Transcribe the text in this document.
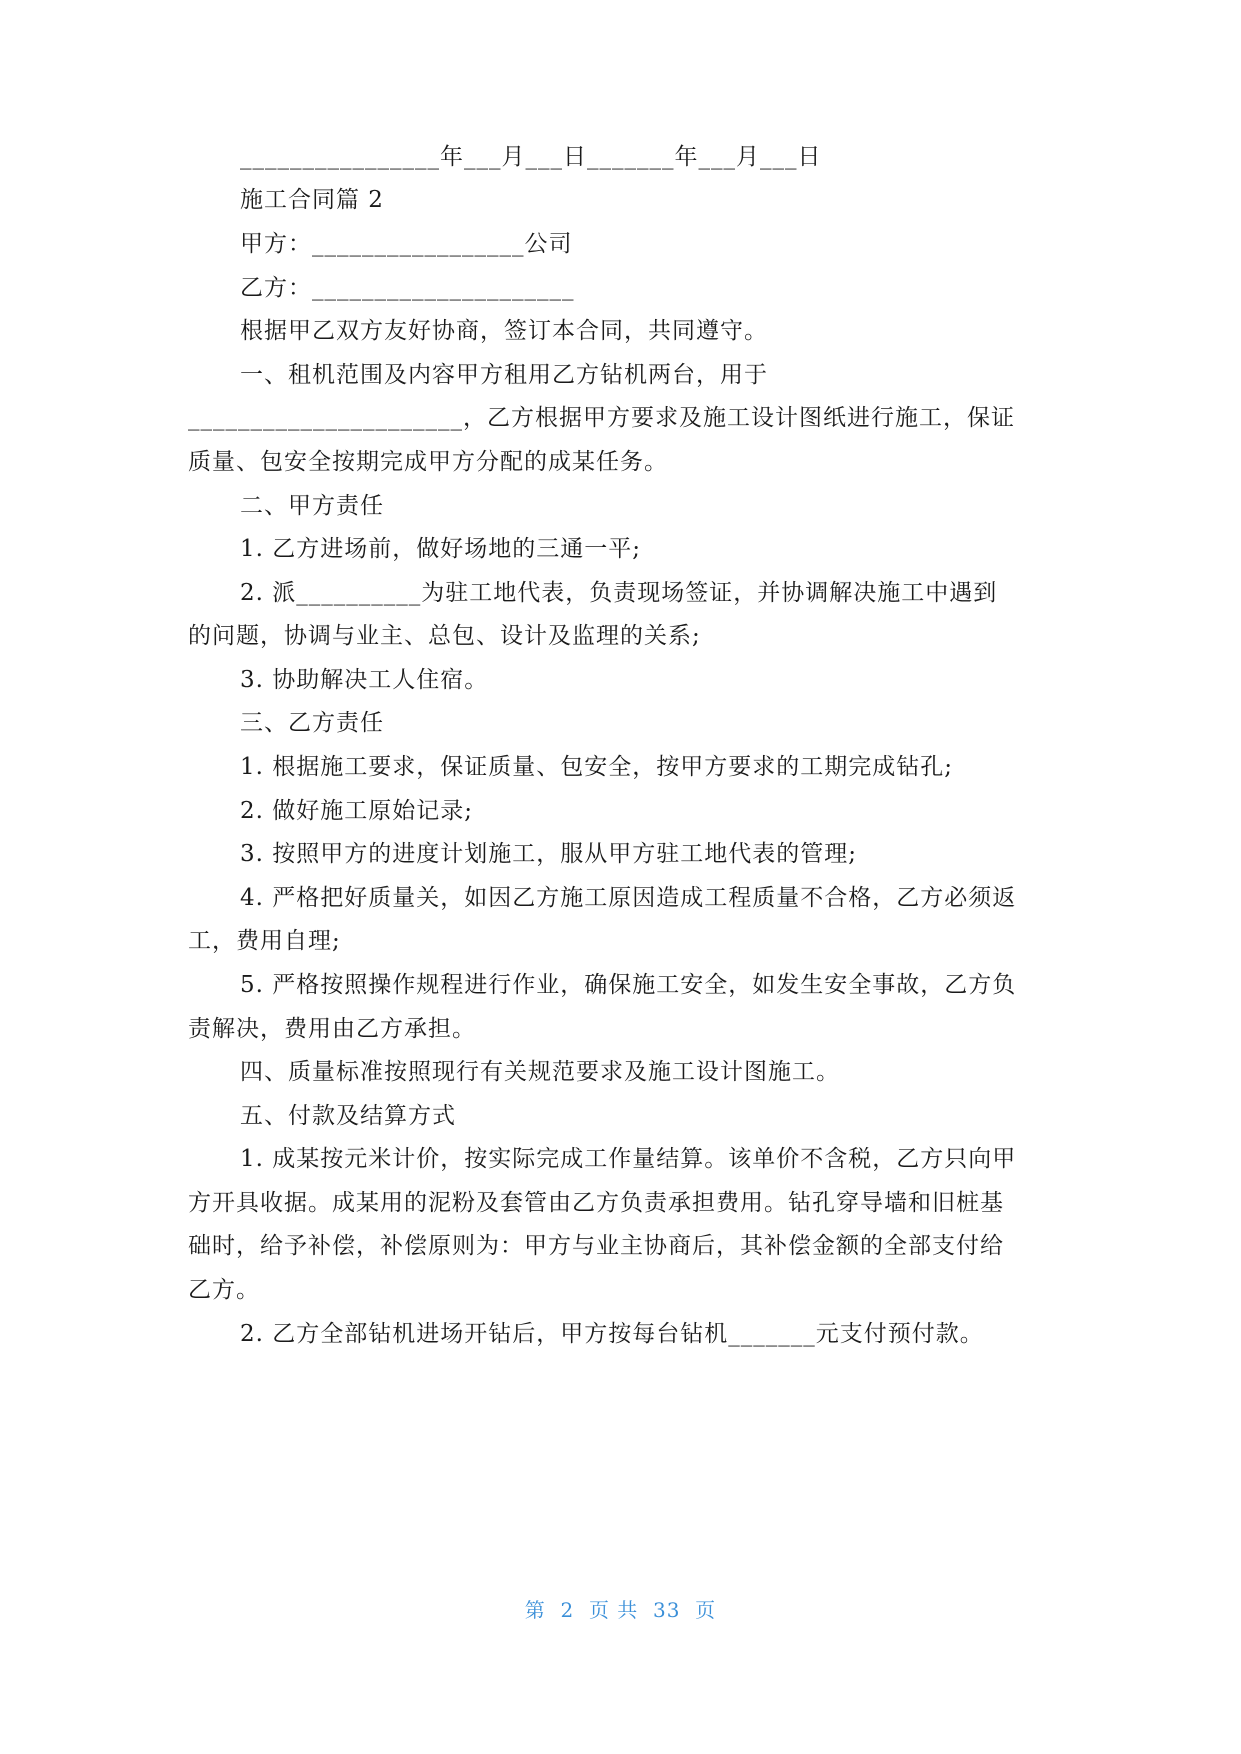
________________年___月___日_______年___月___日
施工合同篇 2
甲方：_________________公司
乙方：_____________________
根据甲乙双方友好协商，签订本合同，共同遵守。
一、租机范围及内容甲方租用乙方钻机两台，用于
______________________，乙方根据甲方要求及施工设计图纸进行施工，保证
质量、包安全按期完成甲方分配的成某任务。
二、甲方责任
1. 乙方进场前，做好场地的三通一平;
2. 派__________为驻工地代表，负责现场签证，并协调解决施工中遇到
的问题，协调与业主、总包、设计及监理的关系;
3. 协助解决工人住宿。
三、乙方责任
1. 根据施工要求，保证质量、包安全，按甲方要求的工期完成钻孔;
2. 做好施工原始记录;
3. 按照甲方的进度计划施工，服从甲方驻工地代表的管理;
4. 严格把好质量关，如因乙方施工原因造成工程质量不合格，乙方必须返
工，费用自理;
5. 严格按照操作规程进行作业，确保施工安全，如发生安全事故，乙方负
责解决，费用由乙方承担。
四、质量标准按照现行有关规范要求及施工设计图施工。
五、付款及结算方式
1. 成某按元米计价，按实际完成工作量结算。该单价不含税，乙方只向甲
方开具收据。成某用的泥粉及套管由乙方负责承担费用。钻孔穿导墙和旧桩基
础时，给予补偿，补偿原则为：甲方与业主协商后，其补偿金额的全部支付给
乙方。
2. 乙方全部钻机进场开钻后，甲方按每台钻机_______元支付预付款。
第  2  页 共  33  页
